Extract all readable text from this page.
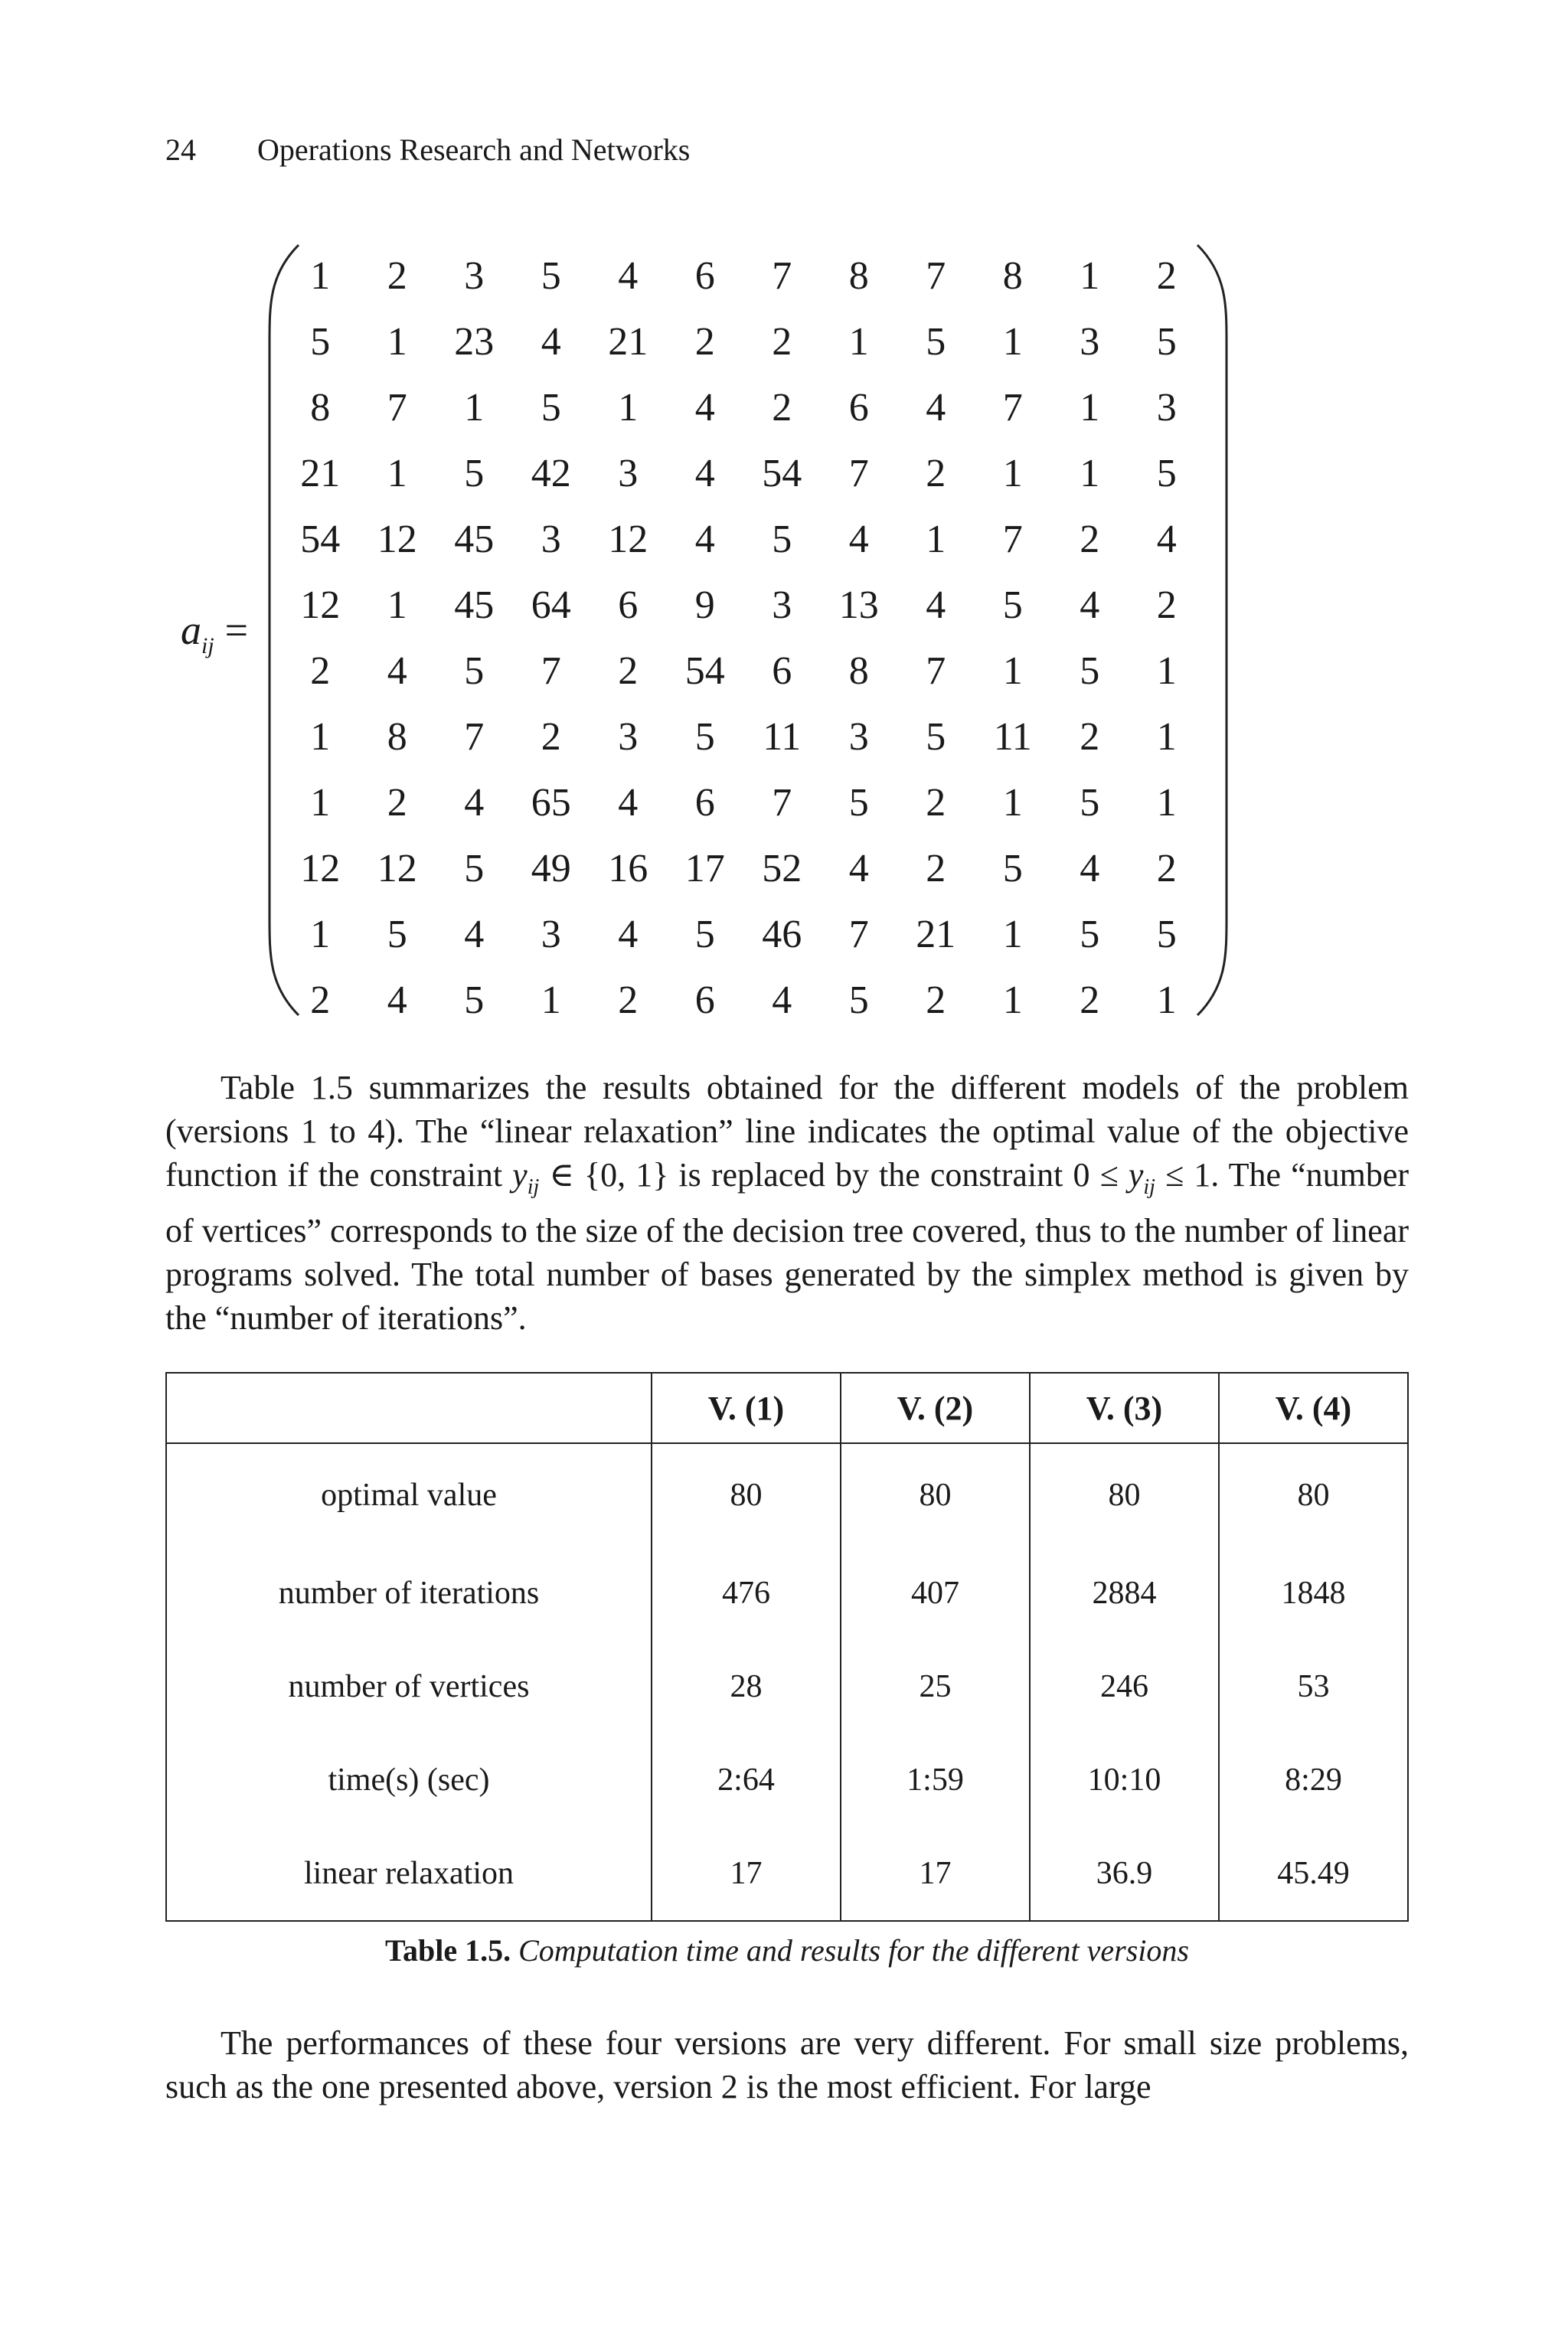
24 Operations Research and Networks
$a_{ij}$ =
1	2	3	5	4	6	7	8	7	8	1	2
5	1	23	4	21	2	2	1	5	1	3	5
8	7	1	5	1	4	2	6	4	7	1	3
21	1	5	42	3	4	54	7	2	1	1	5
54	12	45	3	12	4	5	4	1	7	2	4
12	1	45	64	6	9	3	13	4	5	4	2
2	4	5	7	2	54	6	8	7	1	5	1
1	8	7	2	3	5	11	3	5	11	2	1
1	2	4	65	4	6	7	5	2	1	5	1
12	12	5	49	16	17	52	4	2	5	4	2
1	5	4	3	4	5	46	7	21	1	5	5
2	4	5	1	2	6	4	5	2	1	2	1

Table 1.5 summarizes the results obtained for the different models of the problem (versions 1 to 4). The “linear relaxation” line indicates the optimal value of the objective function if the constraint $y_{ij}$ ∈ {0, 1} is replaced by the constraint $0 \le y_{ij} \le 1$. The “number of vertices” corresponds to the size of the decision tree covered, thus to the number of linear programs solved. The total number of bases generated by the simplex method is given by the “number of iterations”.

	V. (1)	V. (2)	V. (3)	V. (4)
optimal value	80	80	80	80
number of iterations	476	407	2884	1848
number of vertices	28	25	246	53
time(s) (sec)	2:64	1:59	10:10	8:29
linear relaxation	17	17	36.9	45.49
Table 1.5. Computation time and results for the different versions

The performances of these four versions are very different. For small size problems, such as the one presented above, version 2 is the most efficient. For large
